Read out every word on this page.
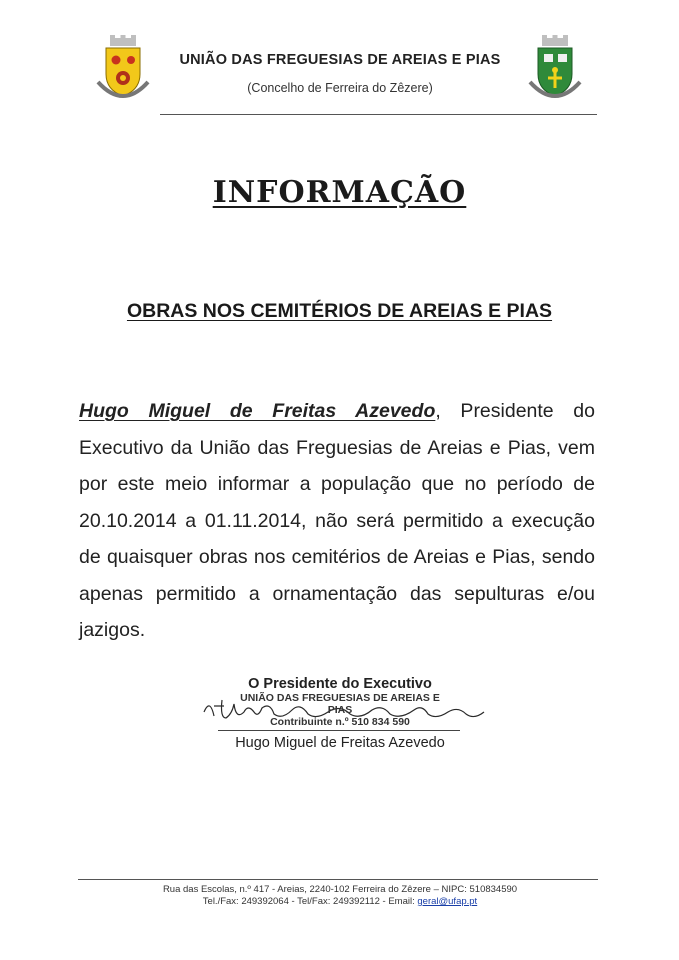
UNIÃO DAS FREGUESIAS DE AREIAS E PIAS
(Concelho de Ferreira do Zêzere)
INFORMAÇÃO
OBRAS NOS CEMITÉRIOS DE AREIAS E PIAS
Hugo Miguel de Freitas Azevedo, Presidente do Executivo da União das Freguesias de Areias e Pias, vem por este meio informar a população que no período de 20.10.2014 a 01.11.2014, não será permitido a execução de quaisquer obras nos cemitérios de Areias e Pias, sendo apenas permitido a ornamentação das sepulturas e/ou jazigos.
O Presidente do Executivo
UNIÃO DAS FREGUESIAS DE AREIAS E PIAS
Contribuinte n.º 510 834 590
Hugo Miguel de Freitas Azevedo
Rua das Escolas, n.º 417 - Areias, 2240-102 Ferreira do Zêzere – NIPC: 510834590
Tel./Fax: 249392064 - Tel/Fax: 249392112 - Email: geral@ufap.pt
